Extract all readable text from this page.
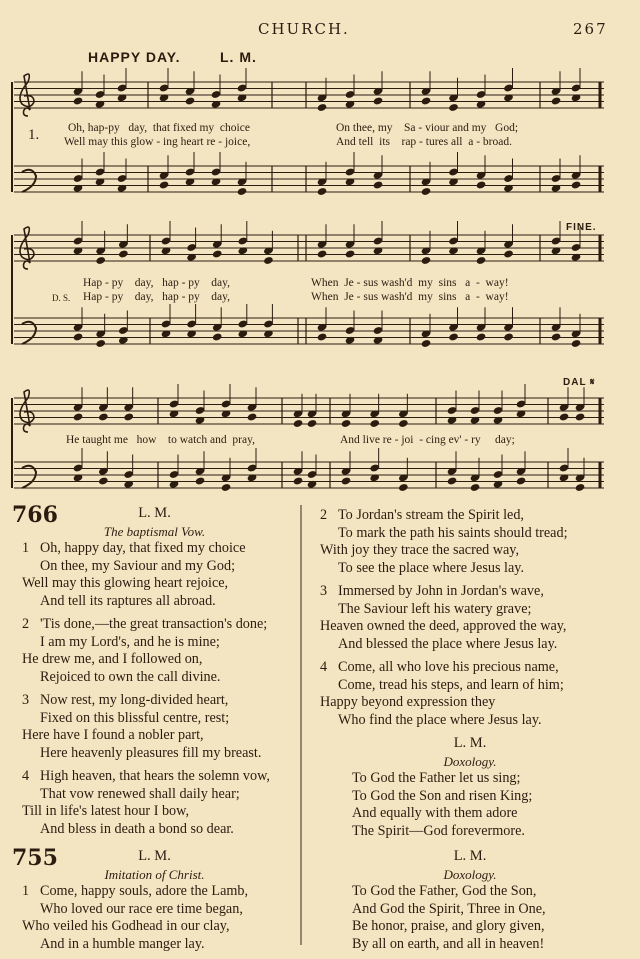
CHURCH.	267
HAPPY DAY.	L. M.
FINE.
DAL 𝄋
1.	Oh, hap-py   day,  that fixed my  choice	On thee, my    Sa - viour and my   God;
Well may this glow - ing heart re - joice,	And tell  its    rap - tures all  a - broad.
Hap - py    day,   hap - py    day,	When  Je - sus wash'd  my  sins   a  -  way!
D. S. Hap - py    day,   hap - py    day,	When  Je - sus wash'd  my  sins   a  -  way!
He taught me   how    to watch and  pray,	And live re - joi  - cing ev' - ry     day;
766	L. M.
The baptismal Vow.
1 Oh, happy day, that fixed my choice
On thee, my Saviour and my God;
Well may this glowing heart rejoice,
And tell its raptures all abroad.
2 'Tis done,—the great transaction's done;
I am my Lord's, and he is mine;
He drew me, and I followed on,
Rejoiced to own the call divine.
3 Now rest, my long-divided heart,
Fixed on this blissful centre, rest;
Here have I found a nobler part,
Here heavenly pleasures fill my breast.
4 High heaven, that hears the solemn vow,
That vow renewed shall daily hear;
Till in life's latest hour I bow,
And bless in death a bond so dear.
755	L. M.
Imitation of Christ.
1 Come, happy souls, adore the Lamb,
Who loved our race ere time began,
Who veiled his Godhead in our clay,
And in a humble manger lay.
2 To Jordan's stream the Spirit led,
To mark the path his saints should tread;
With joy they trace the sacred way,
To see the place where Jesus lay.
3 Immersed by John in Jordan's wave,
The Saviour left his watery grave;
Heaven owned the deed, approved the way,
And blessed the place where Jesus lay.
4 Come, all who love his precious name,
Come, tread his steps, and learn of him;
Happy beyond expression they
Who find the place where Jesus lay.
L. M.
Doxology.
To God the Father let us sing;
To God the Son and risen King;
And equally with them adore
The Spirit—God forevermore.
L. M.
Doxology.
To God the Father, God the Son,
And God the Spirit, Three in One,
Be honor, praise, and glory given,
By all on earth, and all in heaven!
